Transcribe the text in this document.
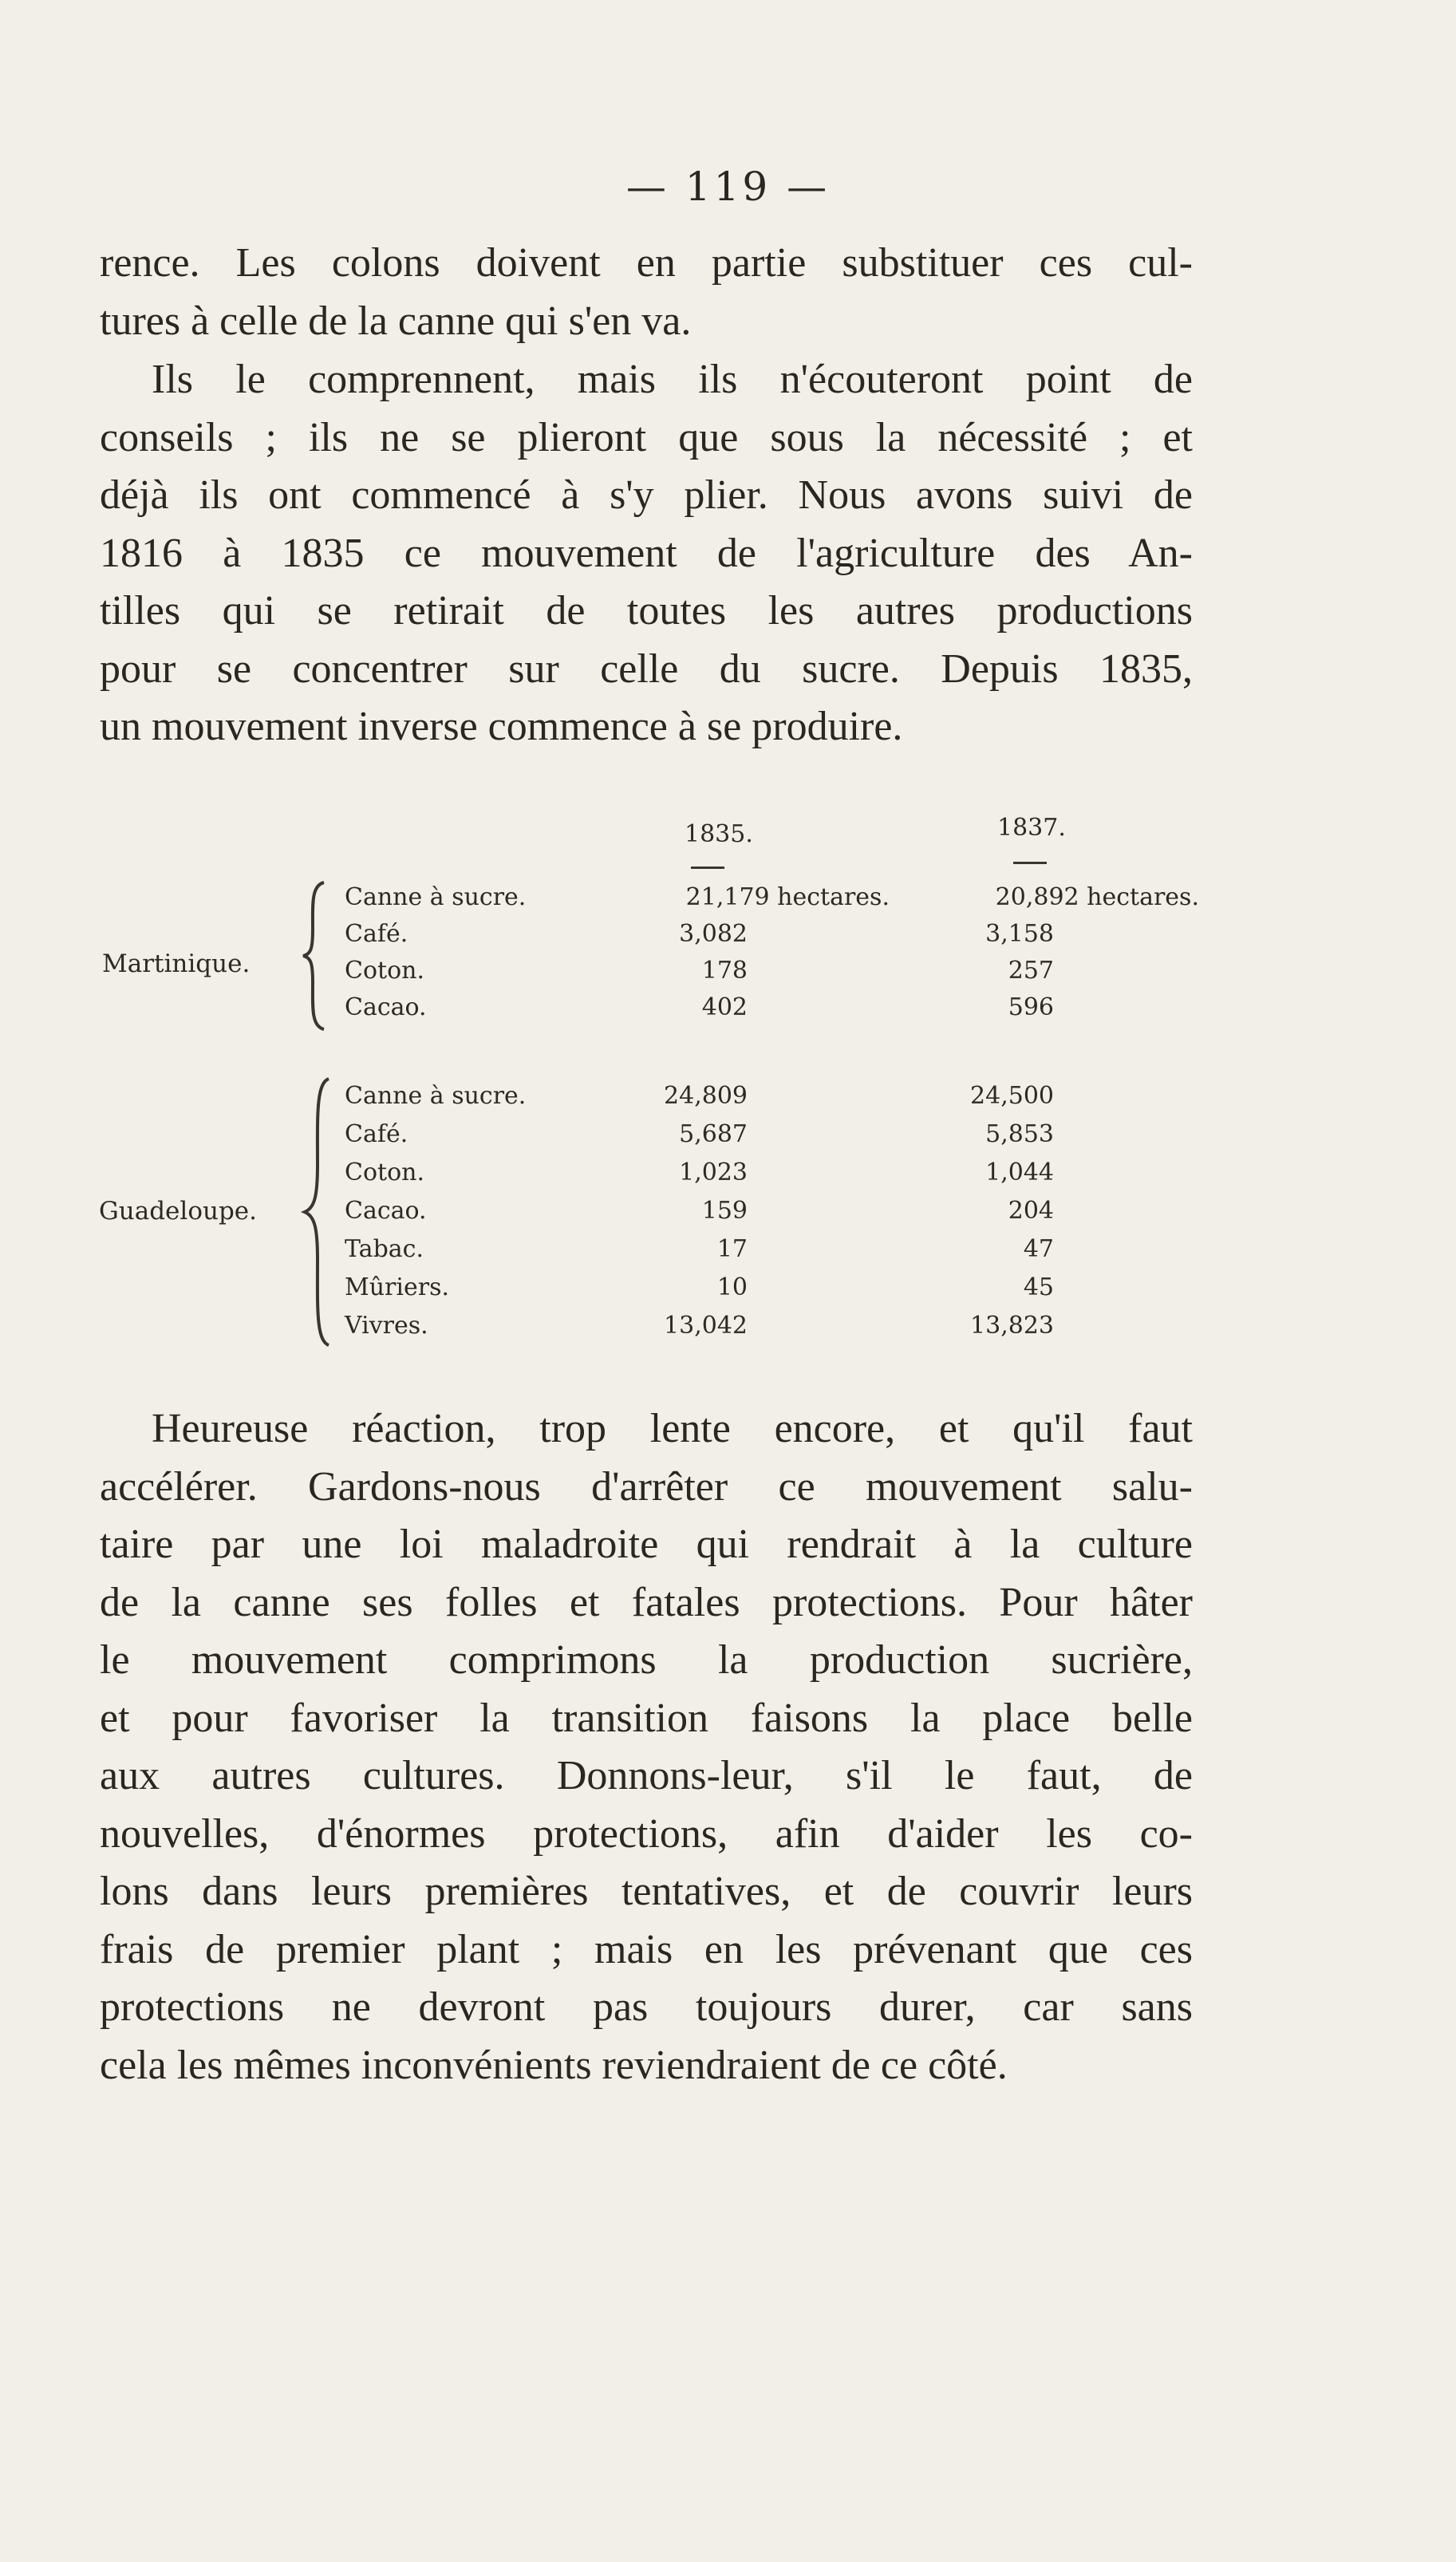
— 119 —
rence. Les colons doivent en partie substituer ces cul-
tures à celle de la canne qui s'en va.
Ils le comprennent, mais ils n'écouteront point de
conseils ; ils ne se plieront que sous la nécessité ; et
déjà ils ont commencé à s'y plier. Nous avons suivi de
1816 à 1835 ce mouvement de l'agriculture des An-
tilles qui se retirait de toutes les autres productions
pour se concentrer sur celle du sucre. Depuis 1835,
un mouvement inverse commence à se produire.
1835.	1837.
Martinique.
Canne à sucre.	21,179 hectares.	20,892 hectares.
Café.	3,082	3,158
Coton.	178	257
Cacao.	402	596
Guadeloupe.
Canne à sucre.	24,809	24,500
Café.	5,687	5,853
Coton.	1,023	1,044
Cacao.	159	204
Tabac.	17	47
Mûriers.	10	45
Vivres.	13,042	13,823
Heureuse réaction, trop lente encore, et qu'il faut
accélérer. Gardons-nous d'arrêter ce mouvement salu-
taire par une loi maladroite qui rendrait à la culture
de la canne ses folles et fatales protections. Pour hâter
le mouvement comprimons la production sucrière,
et pour favoriser la transition faisons la place belle
aux autres cultures. Donnons-leur, s'il le faut, de
nouvelles, d'énormes protections, afin d'aider les co-
lons dans leurs premières tentatives, et de couvrir leurs
frais de premier plant ; mais en les prévenant que ces
protections ne devront pas toujours durer, car sans
cela les mêmes inconvénients reviendraient de ce côté.
